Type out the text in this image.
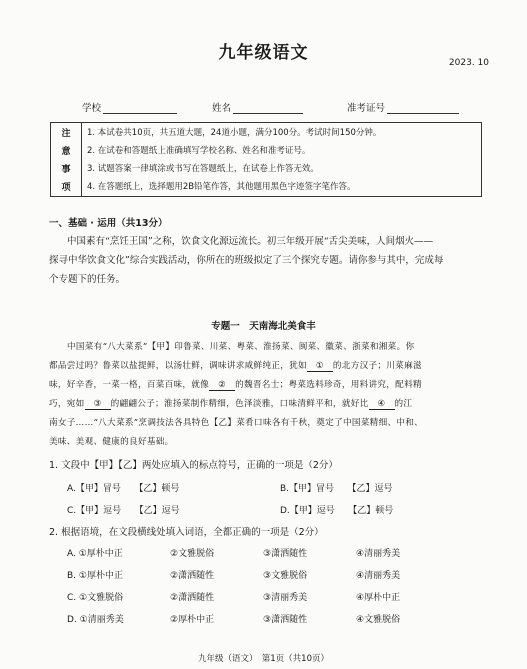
九年级语文	2023. 10
学校	姓名	准考证号
注
意
事
项
1. 本试卷共10页，共五道大题，24道小题，满分100分。考试时间150分钟。
2. 在试卷和答题纸上准确填写学校名称、姓名和准考证号。
3. 试题答案一律填涂或书写在答题纸上，在试卷上作答无效。
4. 在答题纸上，选择题用2B铅笔作答，其他题用黑色字迹签字笔作答。
一、基础 · 运用（共13分）
中国素有“烹饪王国”之称，饮食文化源远流长。初三年级开展“舌尖美味，人间烟火——
探寻中华饮食文化”综合实践活动，你所在的班级拟定了三个探究专题。请你参与其中，完成每
个专题下的任务。
专题一　天南海北美食丰
中国菜有“八大菜系”【甲】印鲁菜、川菜、粤菜、淮扬菜、闽菜、徽菜、浙菜和湘菜。你
都品尝过吗？鲁菜以盐提鲜，以汤壮鲜，调味讲求咸鲜纯正，犹如 ① 的北方汉子；川菜麻滋
味，好辛香，一菜一格，百菜百味，就像 ② 的魏晋名士；粤菜选料珍奇，用料讲究，配料精
巧，宛如 ③ 的翩翩公子；淮扬菜制作精细，色泽淡雅，口味清鲜平和，就好比 ④ 的江
南女子……“八大菜系”烹调技法各具特色【乙】菜肴口味各有千秋，奠定了中国菜精细、中和、
美味、美观、健康的良好基础。
1. 文段中【甲】【乙】两处应填入的标点符号，正确的一项是（2分）
A.【甲】冒号　　【乙】顿号	B.【甲】冒号　　【乙】逗号
C.【甲】逗号　　【乙】逗号	D.【甲】逗号　　【乙】顿号
2. 根据语境，在文段横线处填入词语，全都正确的一项是（2分）
A. ①厚朴中正	②文雅脱俗	③潇洒随性	④清丽秀美
B. ①厚朴中正	②潇洒随性	③文雅脱俗	④清丽秀美
C. ①文雅脱俗	②潇洒随性	③清丽秀美	④厚朴中正
D. ①清丽秀美	②厚朴中正	③潇洒随性	④文雅脱俗
九年级（语文）　第1页（共10页）
